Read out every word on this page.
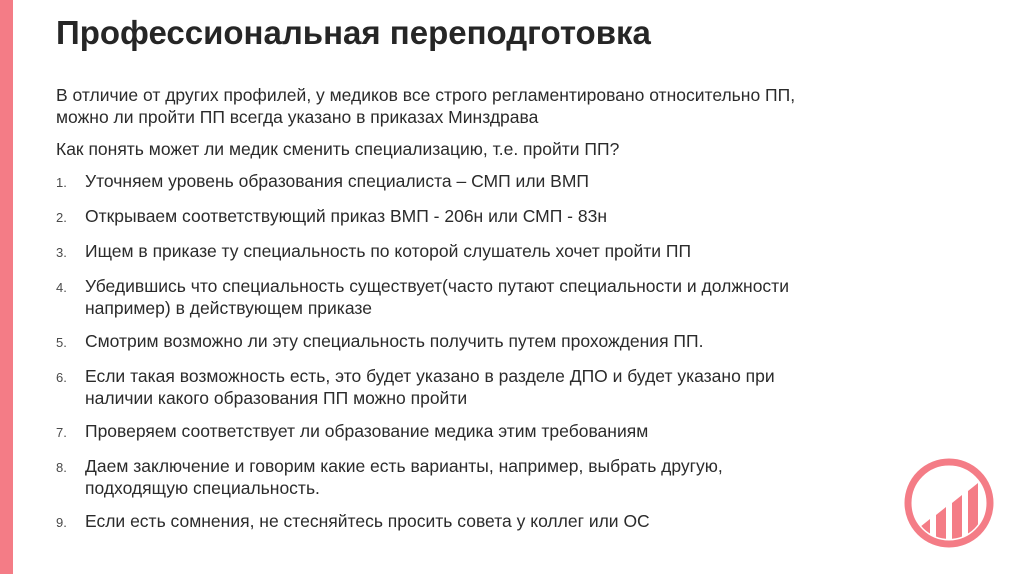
Профессиональная переподготовка

В отличие от других профилей, у медиков все строго регламентировано относительно ПП, можно ли пройти ПП всегда указано в приказах Минздрава

Как понять может ли медик сменить специализацию, т.е. пройти ПП?

1.	Уточняем уровень образования специалиста – СМП или ВМП
2.	Открываем соответствующий приказ ВМП - 206н или СМП - 83н
3.	Ищем в приказе ту специальность по которой слушатель хочет пройти ПП
4.	Убедившись что специальность существует(часто путают специальности и должности например) в действующем приказе
5.	Смотрим возможно ли эту специальность получить путем прохождения ПП.
6.	Если такая возможность есть, это будет указано в разделе ДПО и будет указано при наличии какого образования ПП можно пройти
7.	Проверяем соответствует ли образование медика этим требованиям
8.	Даем заключение и говорим какие есть варианты, например, выбрать другую, подходящую специальность.
9.	Если есть сомнения, не стесняйтесь просить совета у коллег или ОС
